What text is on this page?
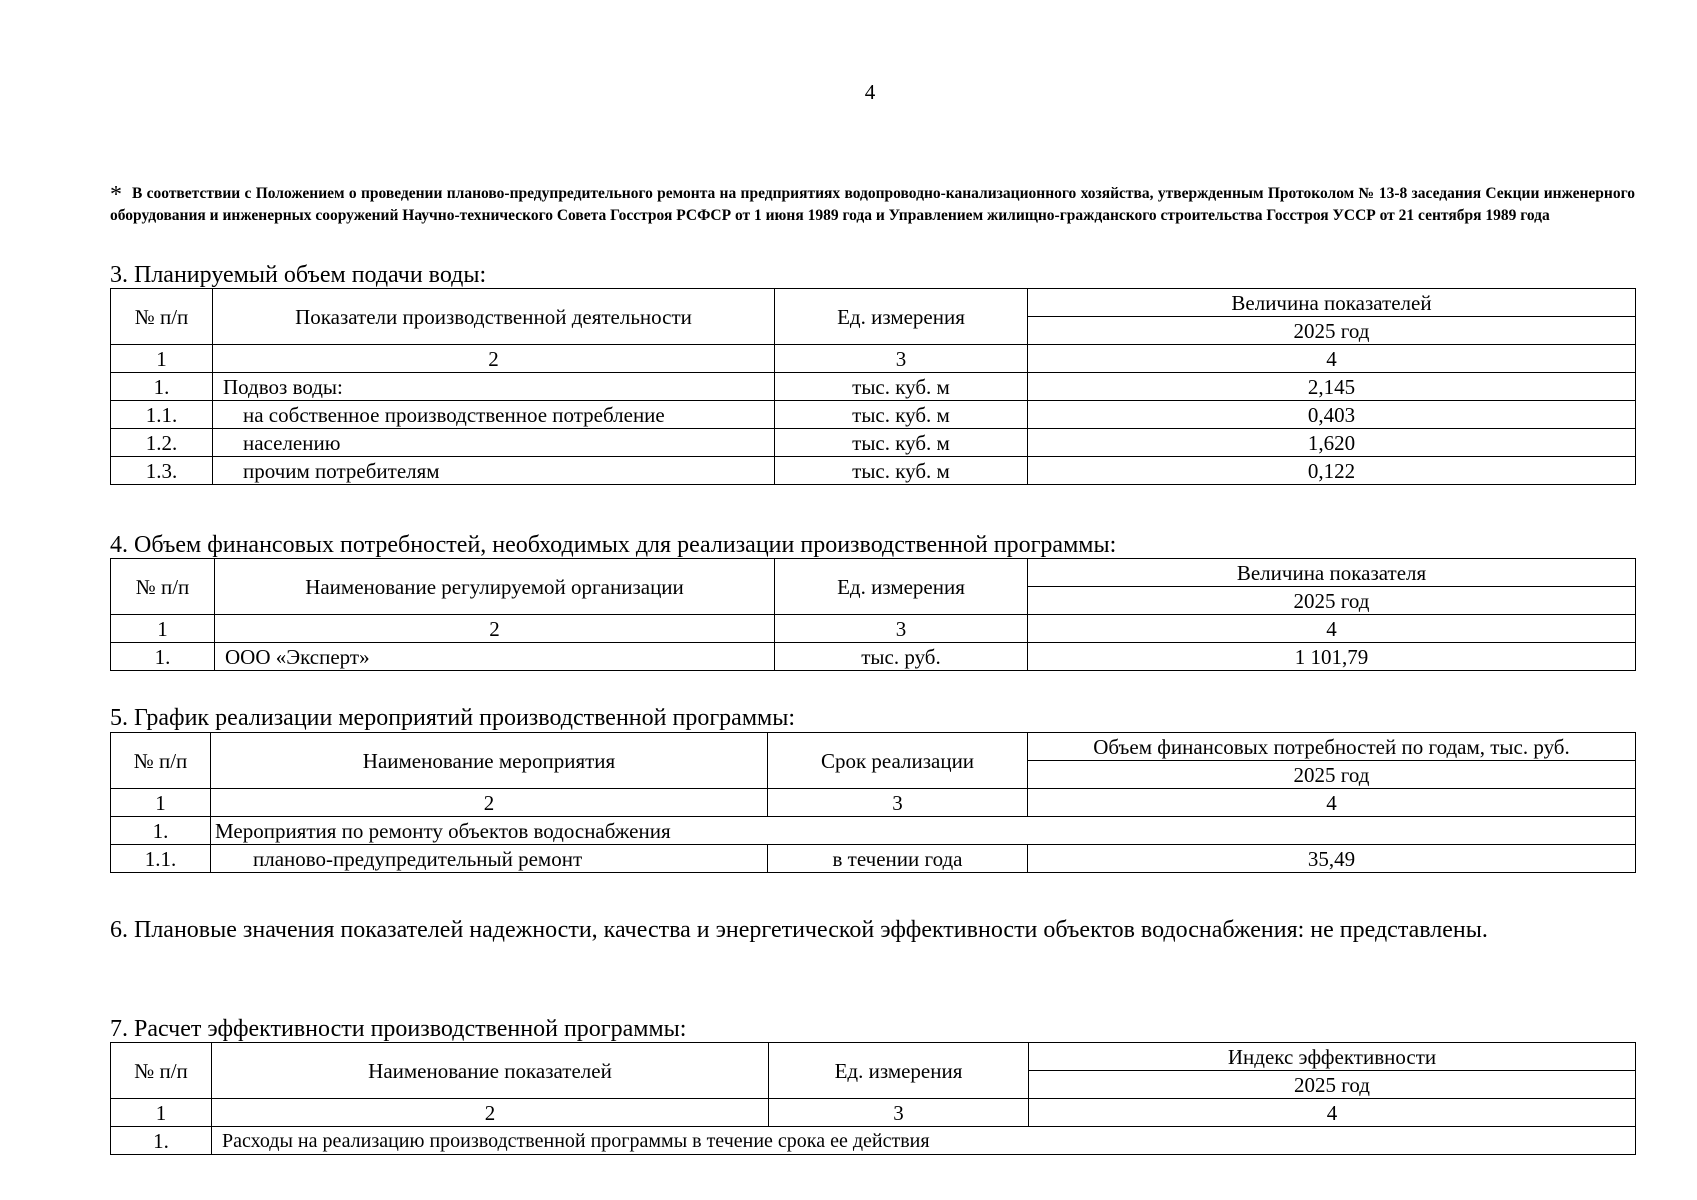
4
* В соответствии с Положением о проведении планово-предупредительного ремонта на предприятиях водопроводно-канализационного хозяйства, утвержденным Протоколом № 13-8 заседания Секции инженерного оборудования и инженерных сооружений Научно-технического Совета Госстроя РСФСР от 1 июня 1989 года и Управлением жилищно-гражданского строительства Госстроя УССР от 21 сентября 1989 года
3. Планируемый объем подачи воды:
№ п/п	Показатели производственной деятельности	Ед. измерения	Величина показателей
			2025 год
1	2	3	4
1.	Подвоз воды:	тыс. куб. м	2,145
1.1.	на собственное производственное потребление	тыс. куб. м	0,403
1.2.	населению	тыс. куб. м	1,620
1.3.	прочим потребителям	тыс. куб. м	0,122
4. Объем финансовых потребностей, необходимых для реализации производственной программы:
№ п/п	Наименование регулируемой организации	Ед. измерения	Величина показателя
			2025 год
1	2	3	4
1.	ООО «Эксперт»	тыс. руб.	1 101,79
5. График реализации мероприятий производственной программы:
№ п/п	Наименование мероприятия	Срок реализации	Объем финансовых потребностей по годам, тыс. руб.
			2025 год
1	2	3	4
1.	Мероприятия по ремонту объектов водоснабжения		
1.1.	планово-предупредительный ремонт	в течении года	35,49
6. Плановые значения показателей надежности, качества и энергетической эффективности объектов водоснабжения: не представлены.
7. Расчет эффективности производственной программы:
№ п/п	Наименование показателей	Ед. измерения	Индекс эффективности
			2025 год
1	2	3	4
1.	Расходы на реализацию производственной программы в течение срока ее действия		
